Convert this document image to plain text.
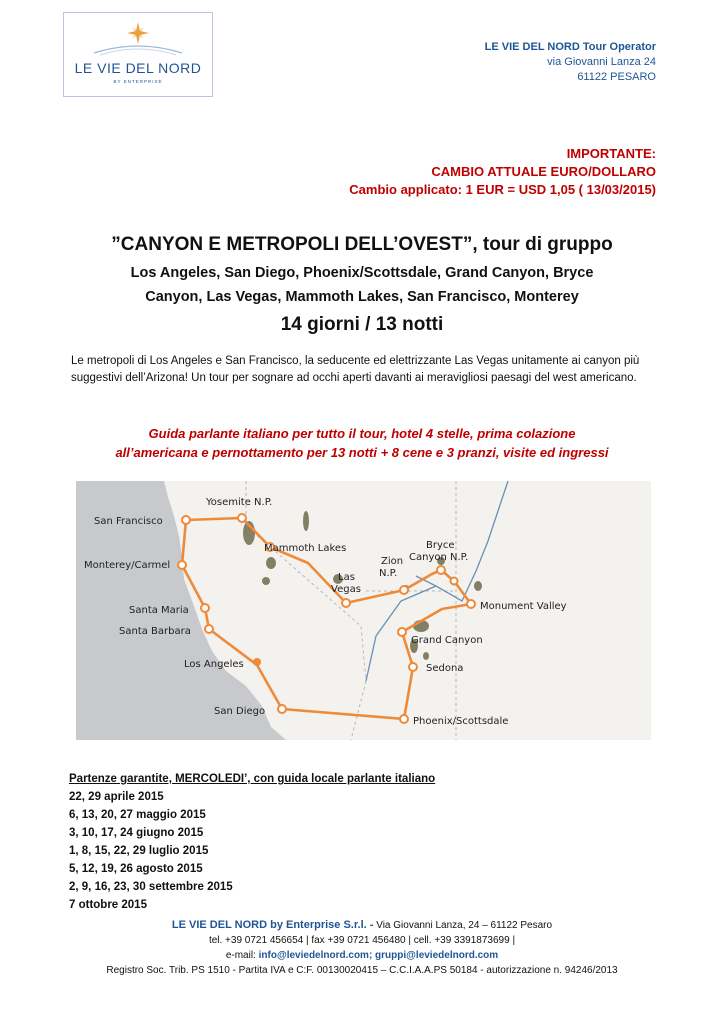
LE VIE DEL NORD
BY ENTERPRISE
LE VIE DEL NORD Tour Operator
via Giovanni Lanza 24
61122 PESARO
IMPORTANTE:
CAMBIO ATTUALE EURO/DOLLARO
Cambio applicato: 1 EUR = USD 1,05 ( 13/03/2015)
”CANYON E METROPOLI DELL’OVEST”, tour di gruppo
Los Angeles, San Diego, Phoenix/Scottsdale, Grand Canyon, Bryce
Canyon, Las Vegas, Mammoth Lakes, San Francisco, Monterey
14 giorni / 13 notti
Le metropoli di Los Angeles e San Francisco, la seducente ed elettrizzante Las Vegas unitamente ai canyon più suggestivi dell’Arizona! Un tour per sognare ad occhi aperti davanti ai meravigliosi paesagi del west americano.
Guida parlante italiano per tutto il tour, hotel 4 stelle, prima colazione
all’americana e pernottamento per 13 notti + 8 cene e 3 pranzi, visite ed ingressi
Yosemite N.P.
San Francisco
Mammoth Lakes
Monterey/Carmel
Bryce
Canyon N.P.
Zion
N.P.
Las
Vegas
Monument Valley
Santa Maria
Santa Barbara
Grand Canyon
Los Angeles	Sedona
San Diego
Phoenix/Scottsdale
Partenze garantite, MERCOLEDI’, con guida locale parlante italiano
22, 29 aprile 2015
6, 13, 20, 27 maggio 2015
3, 10, 17, 24 giugno 2015
1, 8, 15, 22, 29 luglio 2015
5, 12, 19, 26 agosto 2015
2, 9, 16, 23, 30 settembre 2015
7 ottobre 2015
LE VIE DEL NORD by Enterprise S.r.l. - Via Giovanni Lanza, 24 – 61122 Pesaro
tel. +39 0721 456654 | fax +39 0721 456480 | cell. +39 3391873699 |
e-mail: info@leviedelnord.com; gruppi@leviedelnord.com
Registro Soc. Trib. PS 1510 - Partita IVA e C:F. 00130020415 – C.C.I.A.A.PS 50184 - autorizzazione n. 94246/2013
